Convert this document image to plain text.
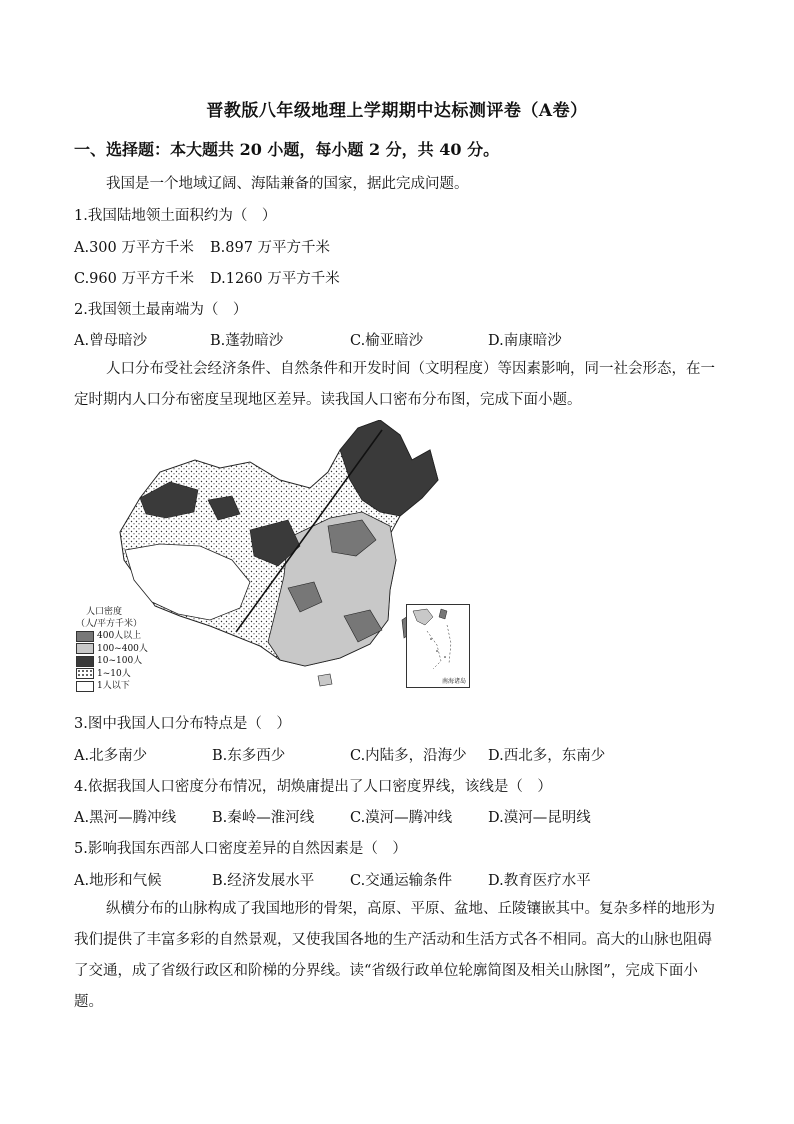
晋教版八年级地理上学期期中达标测评卷（A卷）
一、选择题：本大题共 20 小题，每小题 2 分，共 40 分。
我国是一个地域辽阔、海陆兼备的国家，据此完成问题。
1.我国陆地领土面积约为（　）
A.300 万平方千米 B.897 万平方千米
C.960 万平方千米 D.1260 万平方千米
2.我国领土最南端为（　）
A.曾母暗沙	B.蓬勃暗沙	C.榆亚暗沙	D.南康暗沙
人口分布受社会经济条件、自然条件和开发时间（文明程度）等因素影响，同一社会形态，在一定时期内人口分布密度呈现地区差异。读我国人口密布分布图，完成下面小题。
南海诸岛
人口密度
（人/平方千米）
400人以上
100~400人
10~100人
1~10人
1人以下
3.图中我国人口分布特点是（　）
A.北多南少	B.东多西少	C.内陆多，沿海少 D.西北多，东南少
4.依据我国人口密度分布情况，胡焕庸提出了人口密度界线，该线是（　）
A.黑河—腾冲线 B.秦岭—淮河线 C.漠河—腾冲线 D.漠河—昆明线
5.影响我国东西部人口密度差异的自然因素是（　）
A.地形和气候	B.经济发展水平 C.交通运输条件 D.教育医疗水平
纵横分布的山脉构成了我国地形的骨架，高原、平原、盆地、丘陵镶嵌其中。复杂多样的地形为我们提供了丰富多彩的自然景观，又使我国各地的生产活动和生活方式各不相同。高大的山脉也阻碍了交通，成了省级行政区和阶梯的分界线。读“省级行政单位轮廓简图及相关山脉图”，完成下面小题。
